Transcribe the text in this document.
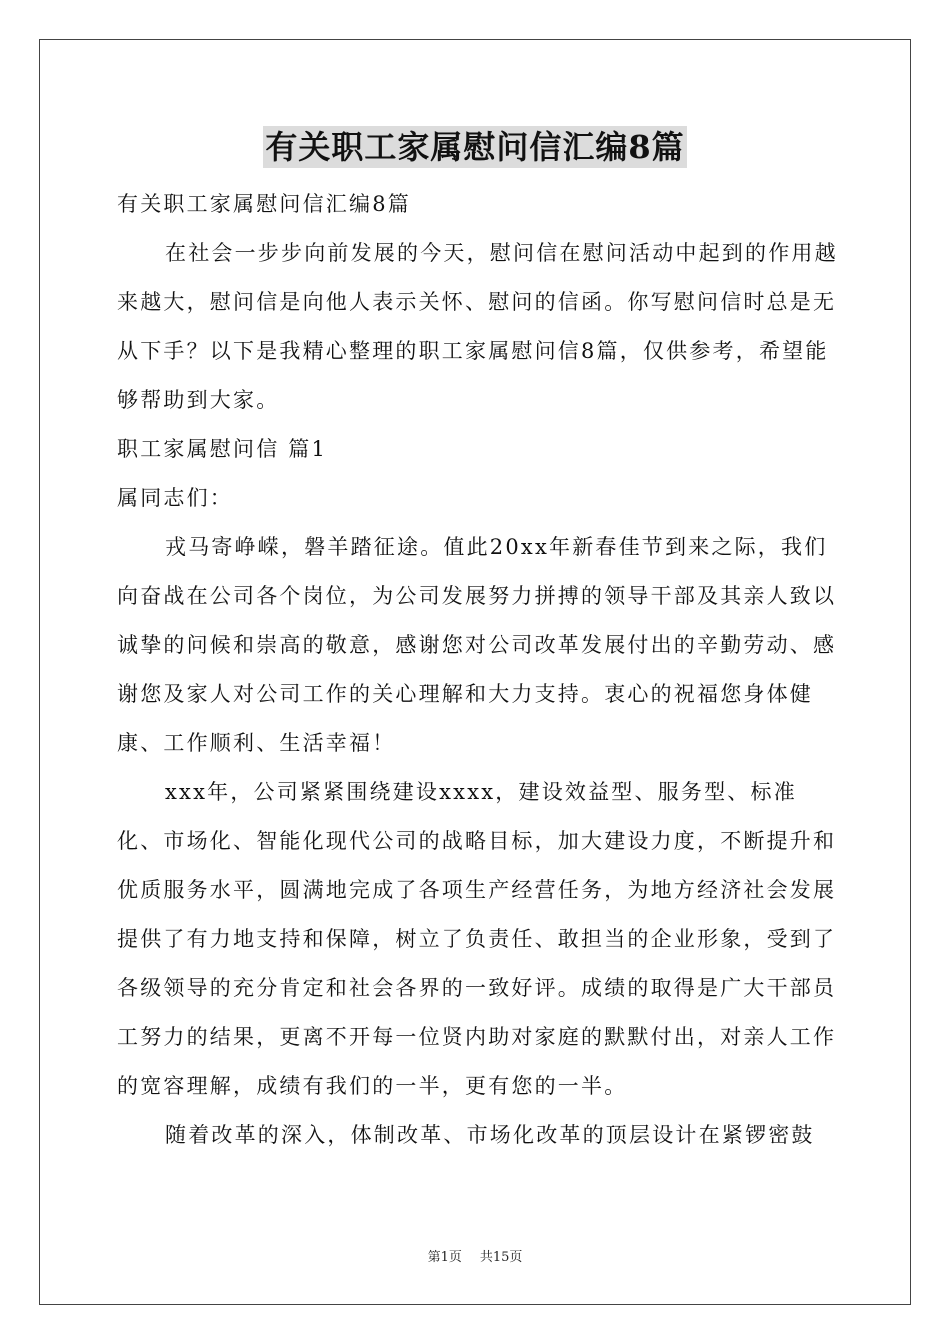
有关职工家属慰问信汇编8篇

有关职工家属慰问信汇编8篇

在社会一步步向前发展的今天，慰问信在慰问活动中起到的作用越来越大，慰问信是向他人表示关怀、慰问的信函。你写慰问信时总是无从下手？以下是我精心整理的职工家属慰问信8篇，仅供参考，希望能够帮助到大家。

职工家属慰问信 篇1

属同志们：

戎马寄峥嵘，磐羊踏征途。值此20xx年新春佳节到来之际，我们向奋战在公司各个岗位，为公司发展努力拼搏的领导干部及其亲人致以诚挚的问候和崇高的敬意，感谢您对公司改革发展付出的辛勤劳动、感谢您及家人对公司工作的关心理解和大力支持。衷心的祝福您身体健康、工作顺利、生活幸福！

xxx年，公司紧紧围绕建设xxxx，建设效益型、服务型、标准化、市场化、智能化现代公司的战略目标，加大建设力度，不断提升和优质服务水平，圆满地完成了各项生产经营任务，为地方经济社会发展提供了有力地支持和保障，树立了负责任、敢担当的企业形象，受到了各级领导的充分肯定和社会各界的一致好评。成绩的取得是广大干部员工努力的结果，更离不开每一位贤内助对家庭的默默付出，对亲人工作的宽容理解，成绩有我们的一半，更有您的一半。

随着改革的深入，体制改革、市场化改革的顶层设计在紧锣密鼓

第1页 共15页
